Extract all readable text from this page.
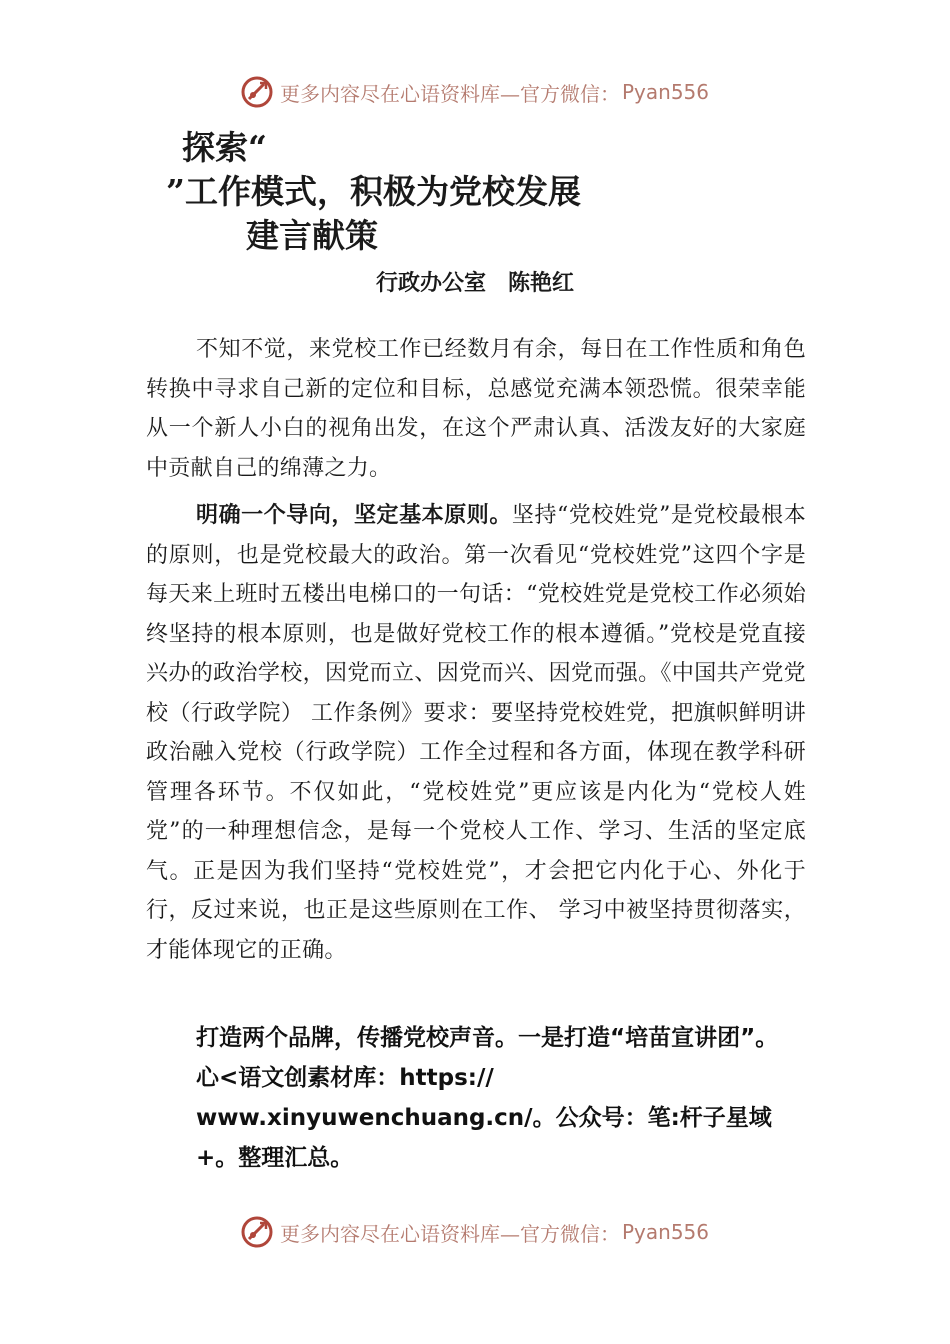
更多内容尽在心语资料库—官方微信： Pyan556
探索“
”工作模式，积极为党校发展
建言献策
行政办公室　陈艳红

不知不觉，来党校工作已经数月有余，每日在工作性质和角色转换中寻求自己新的定位和目标，总感觉充满本领恐慌。很荣幸能从一个新人小白的视角出发，在这个严肃认真、活泼友好的大家庭中贡献自己的绵薄之力。

明确一个导向，坚定基本原则。坚持“党校姓党”是党校最根本的原则，也是党校最大的政治。第一次看见“党校姓党”这四个字是每天来上班时五楼出电梯口的一句话：“党校姓党是党校工作必须始终坚持的根本原则，也是做好党校工作的根本遵循。”党校是党直接兴办的政治学校，因党而立、因党而兴、因党而强。《中国共产党党校（行政学院） 工作条例》要求：要坚持党校姓党，把旗帜鲜明讲政治融入党校（行政学院）工作全过程和各方面，体现在教学科研管理各环节。不仅如此，“党校姓党”更应该是内化为“党校人姓党”的一种理想信念，是每一个党校人工作、学习、生活的坚定底气。正是因为我们坚持“党校姓党”，才会把它内化于心、外化于行，反过来说，也正是这些原则在工作、 学习中被坚持贯彻落实，才能体现它的正确。

打造两个品牌，传播党校声音。一是打造“培苗宣讲团”。
心<语文创素材库：https://
www.xinyuwenchuang.cn/。公众号：笔:杆子星域
+。整理汇总。
更多内容尽在心语资料库—官方微信： Pyan556
